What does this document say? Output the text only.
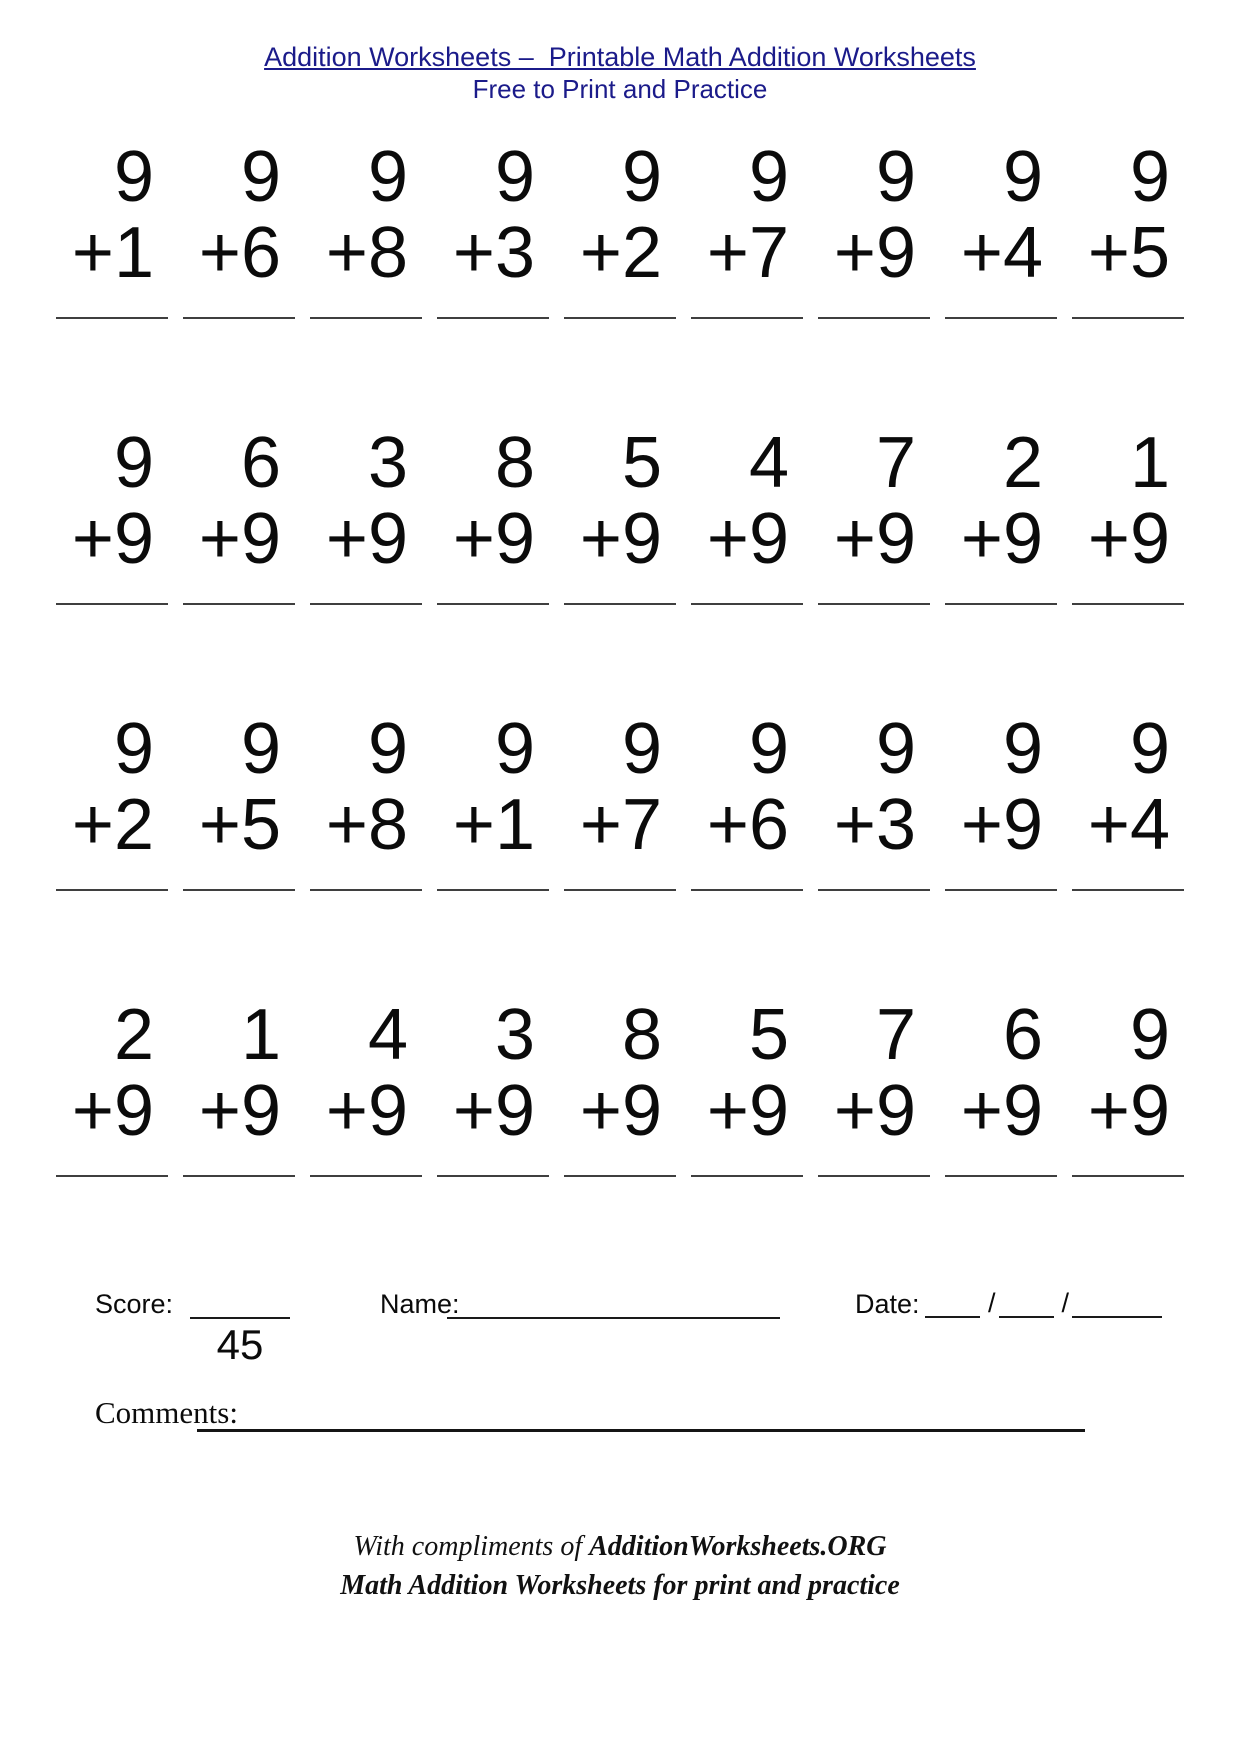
Addition Worksheets –  Printable Math Addition Worksheets
Free to Print and Practice
9
+1
9
+6
9
+8
9
+3
9
+2
9
+7
9
+9
9
+4
9
+5
9
+9
6
+9
3
+9
8
+9
5
+9
4
+9
7
+9
2
+9
1
+9
9
+2
9
+5
9
+8
9
+1
9
+7
9
+6
9
+3
9
+9
9
+4
2
+9
1
+9
4
+9
3
+9
8
+9
5
+9
7
+9
6
+9
9
+9
Score:
45
Name:	Date:	/ /
Comments:
With compliments of AdditionWorksheets.ORG
Math Addition Worksheets for print and practice
